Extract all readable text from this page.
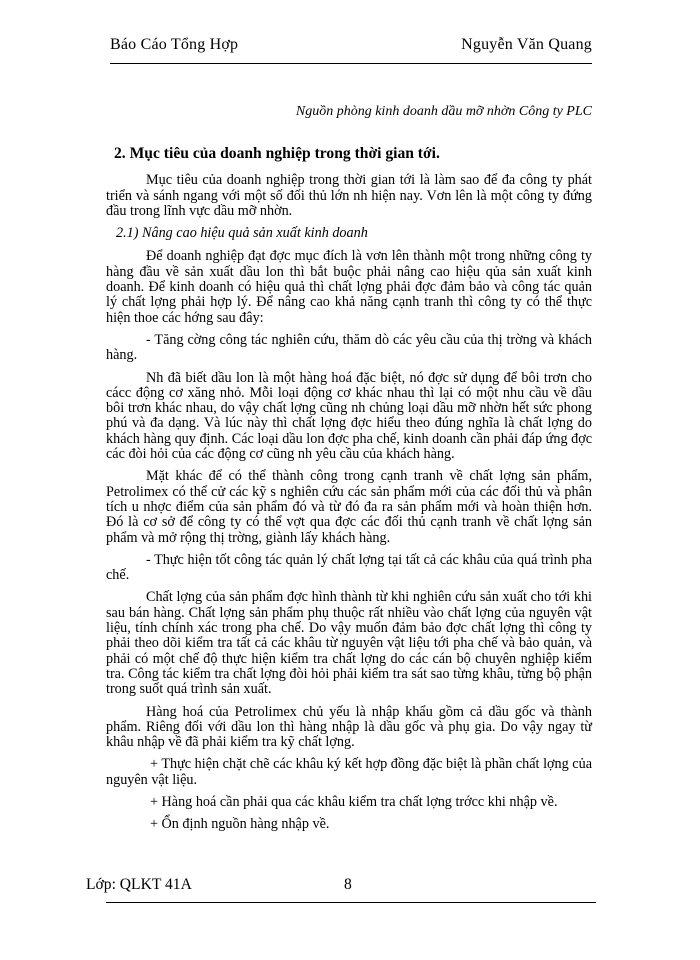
Báo Cáo Tổng Hợp	Nguyễn Văn Quang
Nguồn phòng kinh doanh dầu mỡ nhờn Công ty PLC
2. Mục tiêu của doanh nghiệp trong thời gian tới.

Mục tiêu của doanh nghiệp trong thời gian tới là làm sao để đa công ty phát triển và sánh ngang với một số đối thủ lớn nh hiện nay. Vơn lên là một công ty đứng đầu trong lĩnh vực dầu mỡ nhờn.

2.1) Nâng cao hiệu quả sản xuất kinh doanh

Để doanh nghiệp đạt đợc mục đích là vơn lên thành một trong những công ty hàng đầu về sản xuất dầu lon thì bắt buộc phải nâng cao hiệu qủa sản xuất kinh doanh. Để kinh doanh có hiệu quả thì chất lợng phải đợc đảm bảo và công tác quản lý chất lợng phải hợp lý. Để nâng cao khả năng cạnh tranh thì công ty có thể thực hiện thoe các hớng sau đây:

- Tăng cờng công tác nghiên cứu, thăm dò các yêu cầu của thị trờng và khách hàng.

Nh đã biết dầu lon là một hàng hoá đặc biệt, nó đợc sử dụng để bôi trơn cho cácc động cơ xăng nhỏ. Mỗi loại động cơ khác nhau thì lại có một nhu cầu về dầu bôi trơn khác nhau, do vậy chất lợng cũng nh chủng loại dầu mỡ nhờn hết sức phong phú và đa dạng. Và lúc này thì chất lợng đợc hiểu theo đúng nghĩa là chất lợng do khách hàng quy định. Các loại dầu lon đợc pha chế, kinh doanh cần phải đáp ứng đợc các đòi hỏi của các động cơ cũng nh yêu cầu của khách hàng.

Mặt khác để có thể thành công trong cạnh tranh về chất lợng sản phẩm, Petrolimex có thể cử các kỹ s nghiên cứu các sản phẩm mới của các đối thủ và phân tích u nhợc điểm của sản phẩm đó và từ đó đa ra sản phẩm mới và hoàn thiện hơn. Đó là cơ sở để công ty có thể vợt qua đợc các đối thủ cạnh tranh về chất lợng sản phẩm và mở rộng thị trờng, giành lấy khách hàng.

- Thực hiện tốt công tác quản lý chất lợng tại tất cả các khâu của quá trình pha chế.

Chất lợng của sản phẩm đợc hình thành từ khi nghiên cứu sản xuất cho tới khi sau bán hàng. Chất lợng sản phẩm phụ thuộc rất nhiều vào chất lợng của nguyên vật liệu, tính chính xác trong pha chế. Do vậy muốn đảm bảo đợc chất lợng thì công ty phải theo dõi kiểm tra tất cả các khâu từ nguyên vật liệu tới pha chế và bảo quản, và phải có một chế độ thực hiện kiểm tra chất lợng do các cán bộ chuyên nghiệp kiểm tra. Công tác kiểm tra chất lợng đòi hỏi phải kiểm tra sát sao từng khâu, từng bộ phận trong suốt quá trình sản xuất.

Hàng hoá của Petrolimex chủ yếu là nhập khẩu gồm cả dầu gốc và thành phẩm. Riêng đối với dầu lon thì hàng nhập là dầu gốc và phụ gia. Do vậy ngay từ khâu nhập về đã phải kiểm tra kỹ chất lợng.

+ Thực hiện chặt chẽ các khâu ký kết hợp đồng đặc biệt là phần chất lợng của nguyên vật liệu.

+ Hàng hoá cần phải qua các khâu kiểm tra chất lợng trớcc khi nhập về.

+ Ổn định nguồn hàng nhập về.

Lớp: QLKT 41A	8
